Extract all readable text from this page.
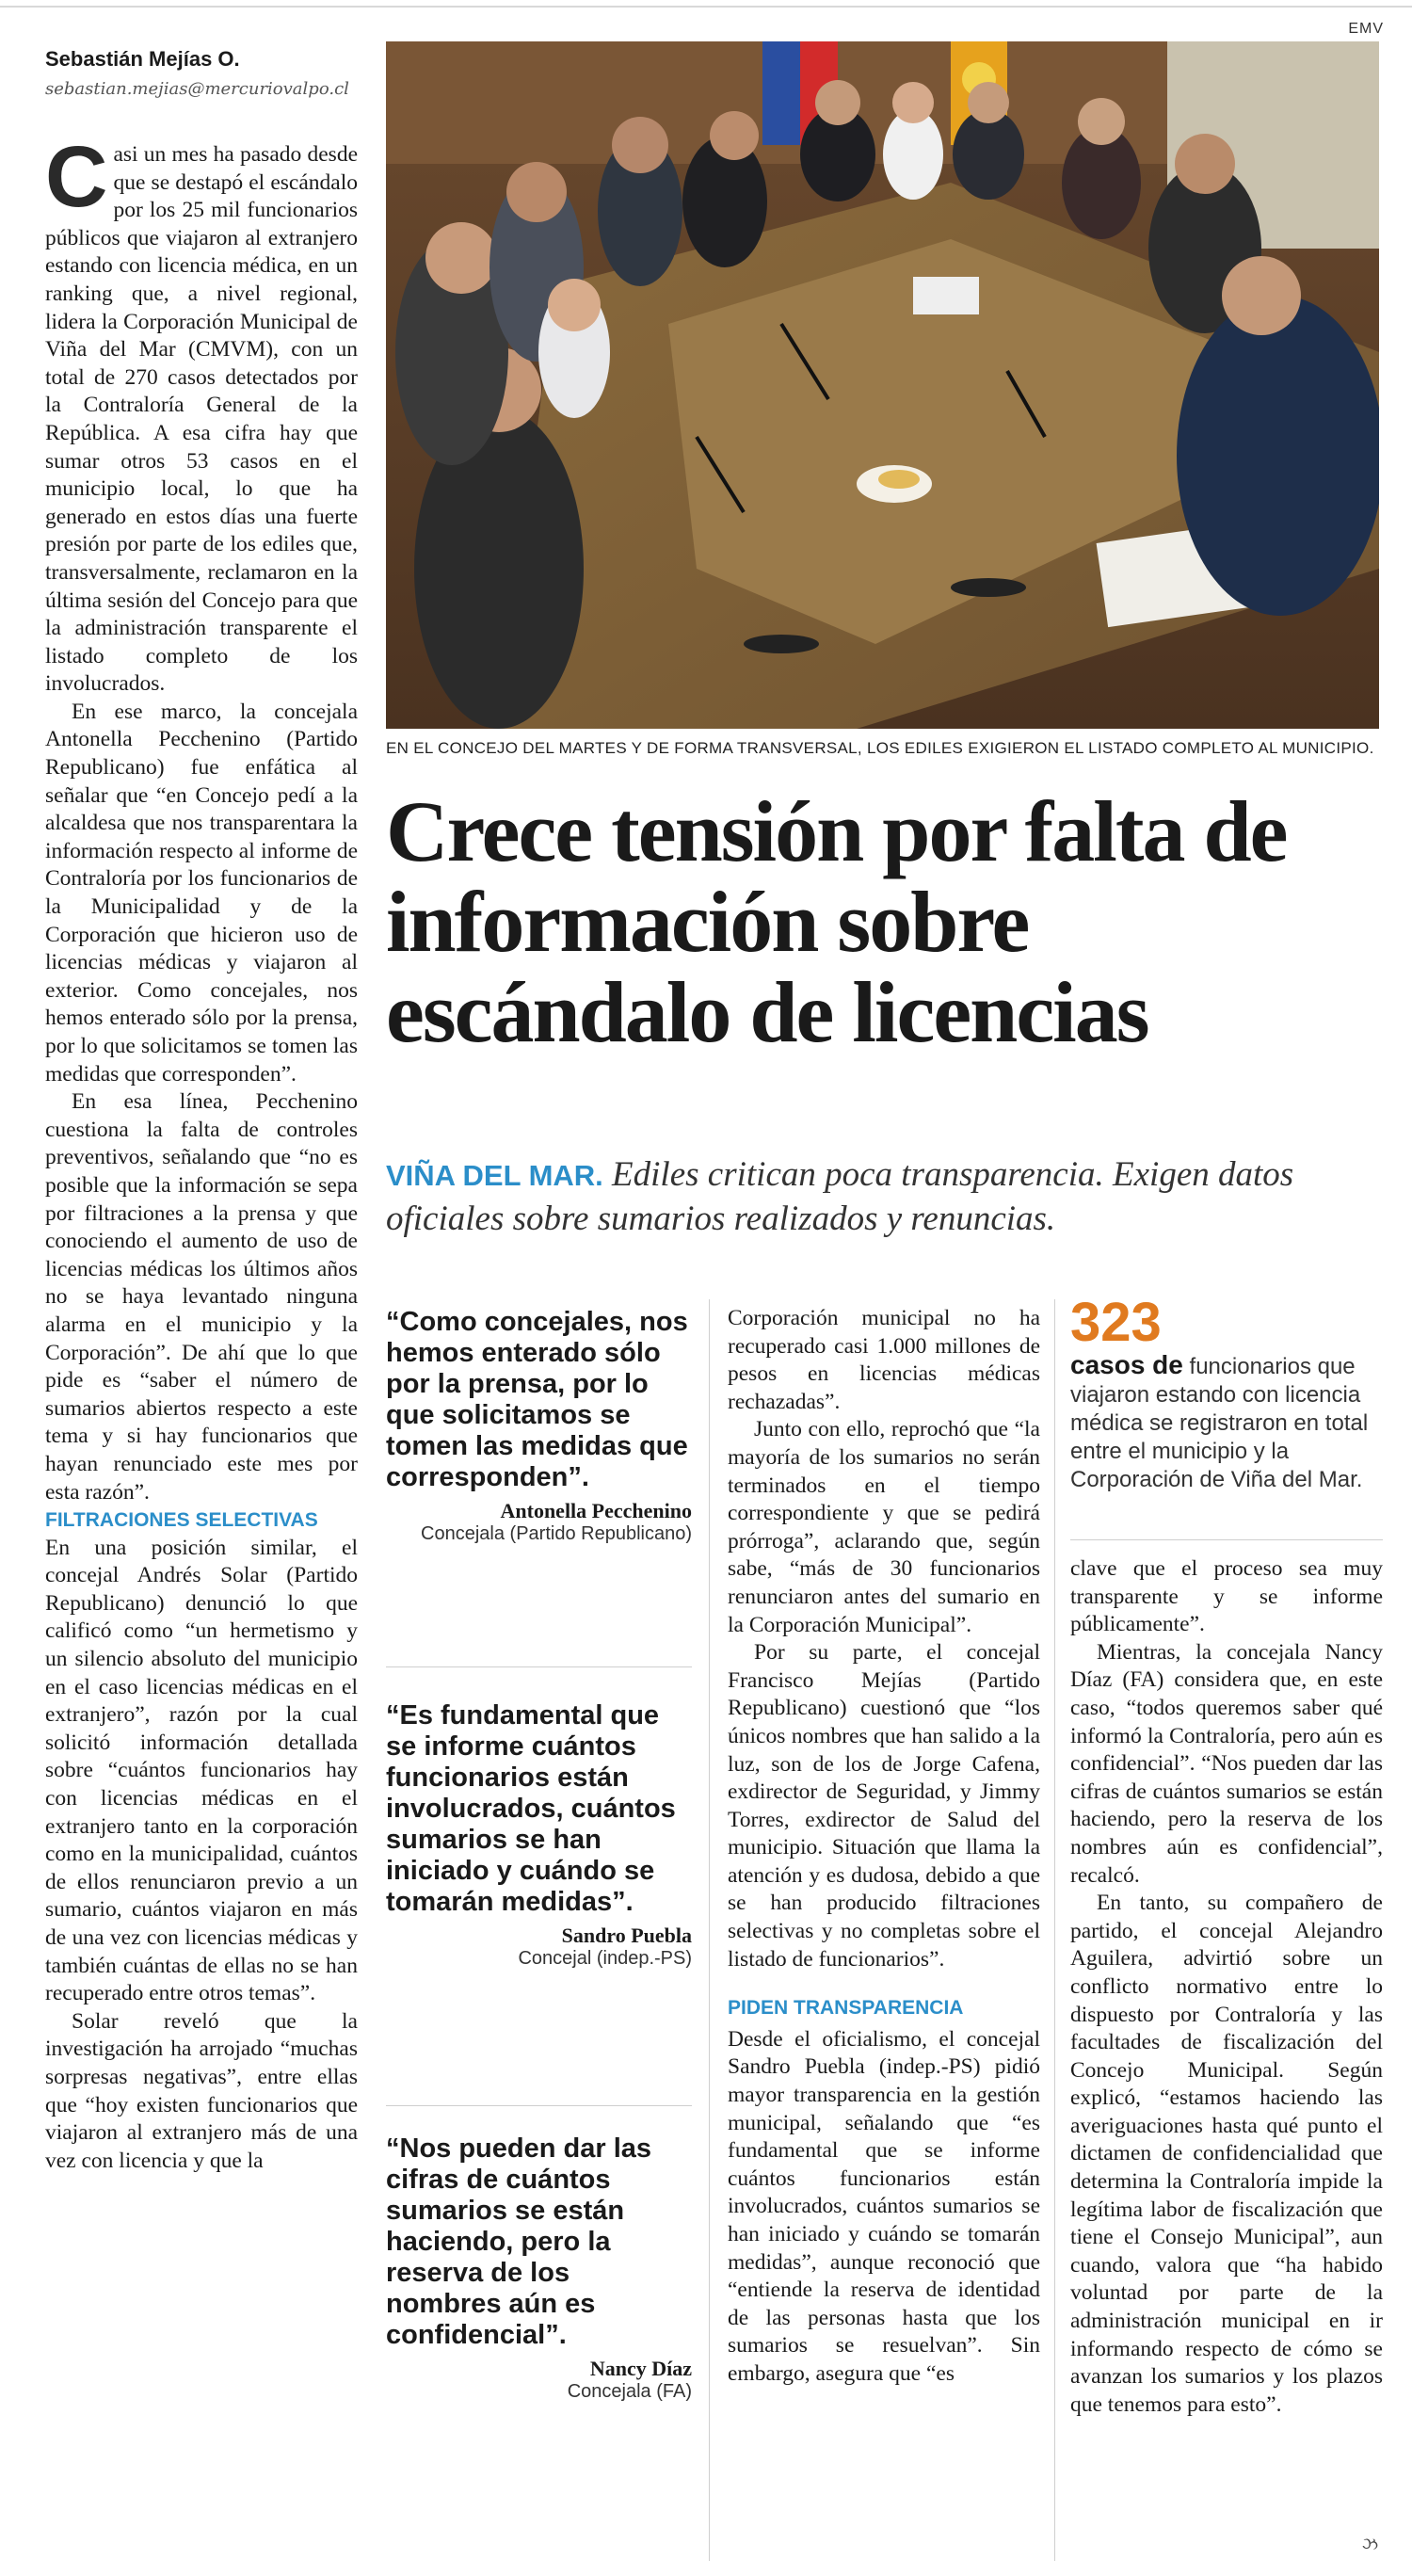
EMV
EN EL CONCEJO DEL MARTES Y DE FORMA TRANSVERSAL, LOS EDILES EXIGIERON EL LISTADO COMPLETO AL MUNICIPIO.
Sebastián Mejías O.
sebastian.mejias@mercuriovalpo.cl

Casi un mes ha pasado desde que se destapó el escándalo por los 25 mil funcionarios públicos que viajaron al extranjero estando con licencia médica, en un ranking que, a nivel regional, lidera la Corporación Municipal de Viña del Mar (CMVM), con un total de 270 casos detectados por la Contraloría General de la República. A esa cifra hay que sumar otros 53 casos en el municipio local, lo que ha generado en estos días una fuerte presión por parte de los ediles que, transversalmente, reclamaron en la última sesión del Concejo para que la administración transparente el listado completo de los involucrados.

En ese marco, la concejala Antonella Pecchenino (Partido Republicano) fue enfática al señalar que “en Concejo pedí a la alcaldesa que nos transparentara la información respecto al informe de Contraloría por los funcionarios de la Municipalidad y de la Corporación que hicieron uso de licencias médicas y viajaron al exterior. Como concejales, nos hemos enterado sólo por la prensa, por lo que solicitamos se tomen las medidas que corresponden”.

En esa línea, Pecchenino cuestiona la falta de controles preventivos, señalando que “no es posible que la información se sepa por filtraciones a la prensa y que conociendo el aumento de uso de licencias médicas los últimos años no se haya levantado ninguna alarma en el municipio y la Corporación”. De ahí que lo que pide es “saber el número de sumarios abiertos respecto a este tema y si hay funcionarios que hayan renunciado este mes por esta razón”.

FILTRACIONES SELECTIVAS

En una posición similar, el concejal Andrés Solar (Partido Republicano) denunció lo que calificó como “un hermetismo y un silencio absoluto del municipio en el caso licencias médicas en el extranjero”, razón por la cual solicitó información detallada sobre “cuántos funcionarios hay con licencias médicas en el extranjero tanto en la corporación como en la municipalidad, cuántos de ellos renunciaron previo a un sumario, cuántos viajaron en más de una vez con licencias médicas y también cuántas de ellas no se han recuperado entre otros temas”.

Solar reveló que la investigación ha arrojado “muchas sorpresas negativas”, entre ellas que “hoy existen funcionarios que viajaron al extranjero más de una vez con licencia y que la

Crece tensión por falta de información sobre escándalo de licencias
VIÑA DEL MAR. Ediles critican poca transparencia. Exigen datos oficiales sobre sumarios realizados y renuncias.
“Como concejales, nos hemos enterado sólo por la prensa, por lo que solicitamos se tomen las medidas que corresponden”.
Antonella Pecchenino
Concejala (Partido Republicano)
“Es fundamental que se informe cuántos funcionarios están involucrados, cuántos sumarios se han iniciado y cuándo se tomarán medidas”.
Sandro Puebla
Concejal (indep.-PS)
“Nos pueden dar las cifras de cuántos sumarios se están haciendo, pero la reserva de los nombres aún es confidencial”.
Nancy Díaz
Concejala (FA)

Corporación municipal no ha recuperado casi 1.000 millones de pesos en licencias médicas rechazadas”.

Junto con ello, reprochó que “la mayoría de los sumarios no serán terminados en el tiempo correspondiente y que se pedirá prórroga”, aclarando que, según sabe, “más de 30 funcionarios renunciaron antes del sumario en la Corporación Municipal”.

Por su parte, el concejal Francisco Mejías (Partido Republicano) cuestionó que “los únicos nombres que han salido a la luz, son de los de Jorge Cafena, exdirector de Seguridad, y Jimmy Torres, exdirector de Salud del municipio. Situación que llama la atención y es dudosa, debido a que se han producido filtraciones selectivas y no completas sobre el listado de funcionarios”.

PIDEN TRANSPARENCIA

Desde el oficialismo, el concejal Sandro Puebla (indep.-PS) pidió mayor transparencia en la gestión municipal, señalando que “es fundamental que se informe cuántos funcionarios están involucrados, cuántos sumarios se han iniciado y cuándo se tomarán medidas”, aunque reconoció que “entiende la reserva de identidad de las personas hasta que los sumarios se resuelvan”. Sin embargo, asegura que “es

323
casos de funcionarios que viajaron estando con licencia médica se registraron en total entre el municipio y la Corporación de Viña del Mar.

clave que el proceso sea muy transparente y se informe públicamente”.

Mientras, la concejala Nancy Díaz (FA) considera que, en este caso, “todos queremos saber qué informó la Contraloría, pero aún es confidencial”. “Nos pueden dar las cifras de cuántos sumarios se están haciendo, pero la reserva de los nombres aún es confidencial”, recalcó.

En tanto, su compañero de partido, el concejal Alejandro Aguilera, advirtió sobre un conflicto normativo entre lo dispuesto por Contraloría y las facultades de fiscalización del Concejo Municipal. Según explicó, “estamos haciendo las averiguaciones hasta qué punto el dictamen de confidencialidad que determina la Contraloría impide la legítima labor de fiscalización que tiene el Consejo Municipal”, aun cuando, valora que “ha habido voluntad por parte de la administración municipal en ir informando respecto de cómo se avanzan los sumarios y los plazos que tenemos para esto”.

ઝ
